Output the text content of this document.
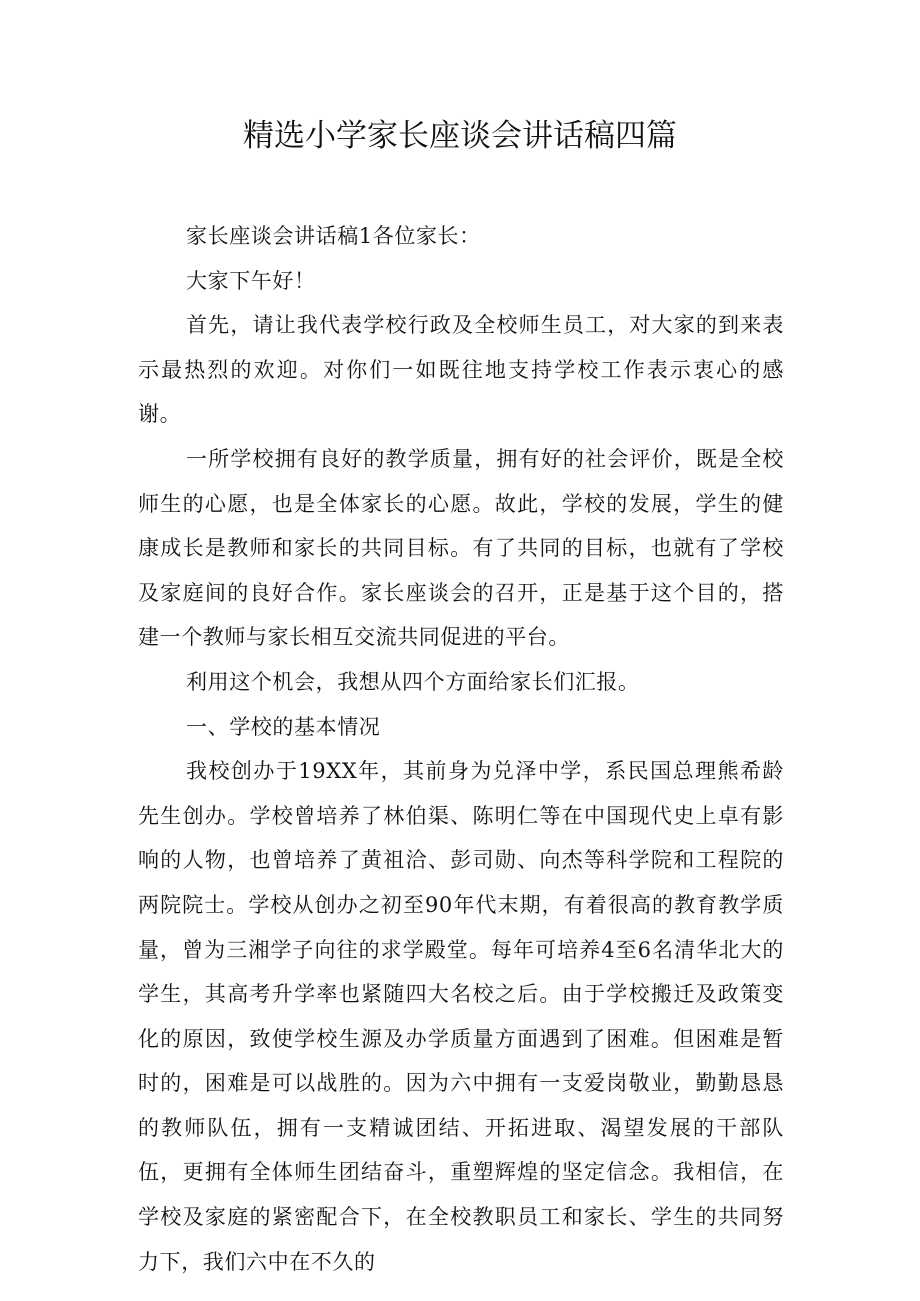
精选小学家长座谈会讲话稿四篇

家长座谈会讲话稿1各位家长：

大家下午好！

首先，请让我代表学校行政及全校师生员工，对大家的到来表示最热烈的欢迎。对你们一如既往地支持学校工作表示衷心的感谢。

一所学校拥有良好的教学质量，拥有好的社会评价，既是全校师生的心愿，也是全体家长的心愿。故此，学校的发展，学生的健康成长是教师和家长的共同目标。有了共同的目标，也就有了学校及家庭间的良好合作。家长座谈会的召开，正是基于这个目的，搭建一个教师与家长相互交流共同促进的平台。

利用这个机会，我想从四个方面给家长们汇报。

一、学校的基本情况

我校创办于19XX年，其前身为兑泽中学，系民国总理熊希龄先生创办。学校曾培养了林伯渠、陈明仁等在中国现代史上卓有影响的人物，也曾培养了黄祖洽、彭司勋、向杰等科学院和工程院的两院院士。学校从创办之初至90年代末期，有着很高的教育教学质量，曾为三湘学子向往的求学殿堂。每年可培养4至6名清华北大的学生，其高考升学率也紧随四大名校之后。由于学校搬迁及政策变化的原因，致使学校生源及办学质量方面遇到了困难。但困难是暂时的，困难是可以战胜的。因为六中拥有一支爱岗敬业，勤勤恳恳的教师队伍，拥有一支精诚团结、开拓进取、渴望发展的干部队伍，更拥有全体师生团结奋斗，重塑辉煌的坚定信念。我相信，在学校及家庭的紧密配合下，在全校教职员工和家长、学生的共同努力下，我们六中在不久的
